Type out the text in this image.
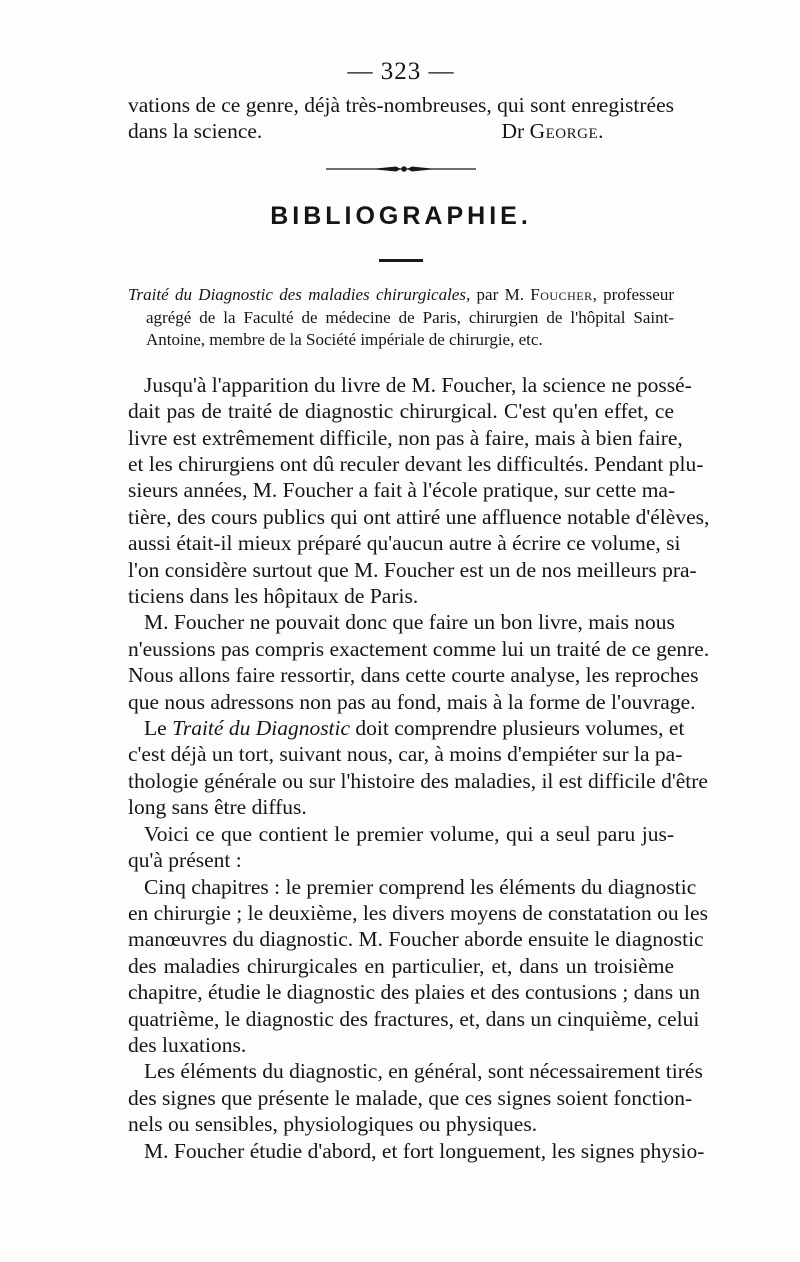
— 323 —
vations de ce genre, déjà très-nombreuses, qui sont enregistrées
dans la science.	Dr George.
BIBLIOGRAPHIE.
Traité du Diagnostic des maladies chirurgicales, par M. Foucher, professeur
agrégé de la Faculté de médecine de Paris, chirurgien de l'hôpital Saint-
Antoine, membre de la Société impériale de chirurgie, etc.
Jusqu'à l'apparition du livre de M. Foucher, la science ne possé-
dait pas de traité de diagnostic chirurgical. C'est qu'en effet, ce
livre est extrêmement difficile, non pas à faire, mais à bien faire,
et les chirurgiens ont dû reculer devant les difficultés. Pendant plu-
sieurs années, M. Foucher a fait à l'école pratique, sur cette ma-
tière, des cours publics qui ont attiré une affluence notable d'élèves,
aussi était-il mieux préparé qu'aucun autre à écrire ce volume, si
l'on considère surtout que M. Foucher est un de nos meilleurs pra-
ticiens dans les hôpitaux de Paris.
M. Foucher ne pouvait donc que faire un bon livre, mais nous
n'eussions pas compris exactement comme lui un traité de ce genre.
Nous allons faire ressortir, dans cette courte analyse, les reproches
que nous adressons non pas au fond, mais à la forme de l'ouvrage.
Le Traité du Diagnostic doit comprendre plusieurs volumes, et
c'est déjà un tort, suivant nous, car, à moins d'empiéter sur la pa-
thologie générale ou sur l'histoire des maladies, il est difficile d'être
long sans être diffus.
Voici ce que contient le premier volume, qui a seul paru jus-
qu'à présent :
Cinq chapitres : le premier comprend les éléments du diagnostic
en chirurgie ; le deuxième, les divers moyens de constatation ou les
manœuvres du diagnostic. M. Foucher aborde ensuite le diagnostic
des maladies chirurgicales en particulier, et, dans un troisième
chapitre, étudie le diagnostic des plaies et des contusions ; dans un
quatrième, le diagnostic des fractures, et, dans un cinquième, celui
des luxations.
Les éléments du diagnostic, en général, sont nécessairement tirés
des signes que présente le malade, que ces signes soient fonction-
nels ou sensibles, physiologiques ou physiques.
M. Foucher étudie d'abord, et fort longuement, les signes physio-
